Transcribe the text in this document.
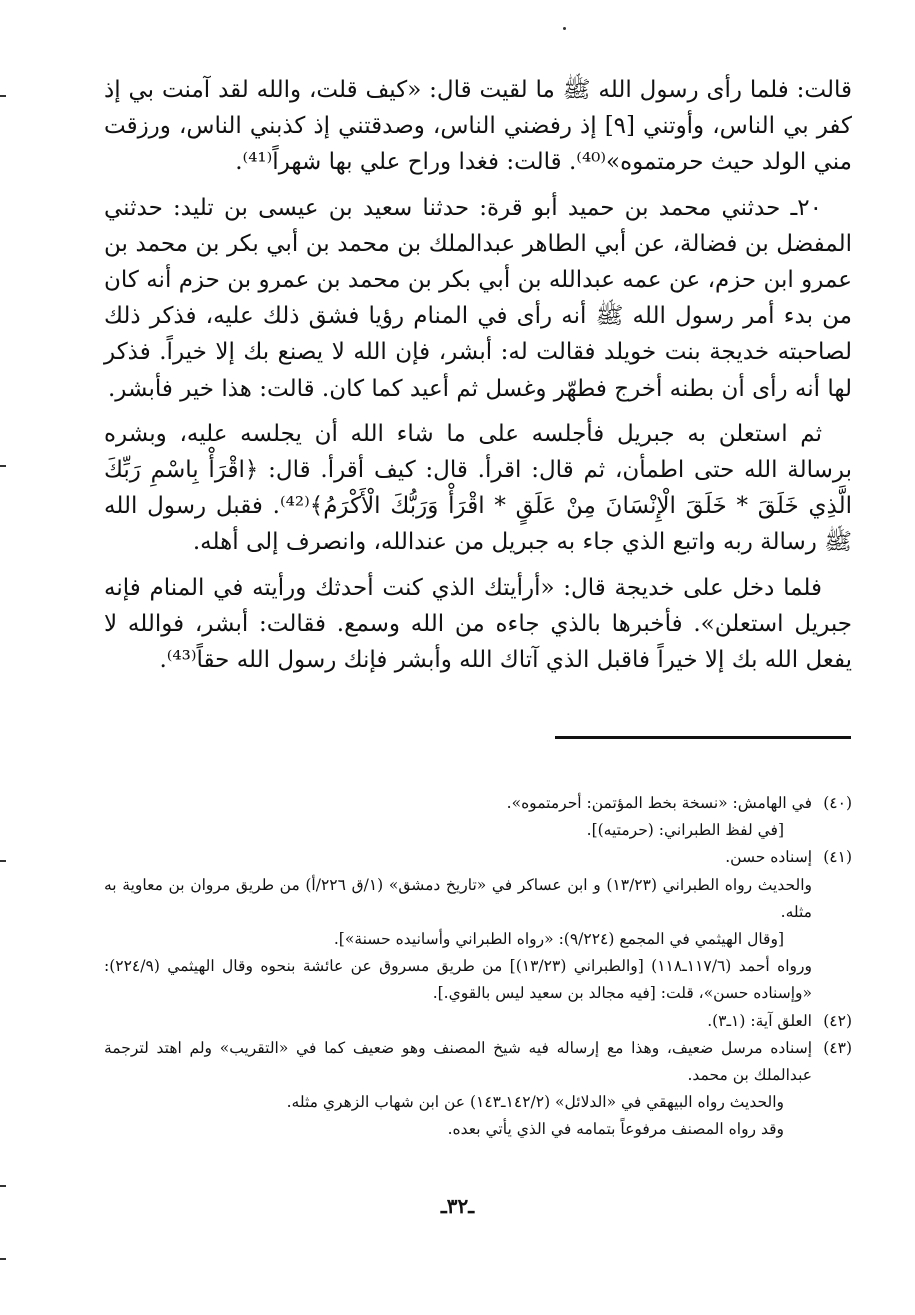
قالت: فلما رأى رسول الله ﷺ ما لقيت قال: «كيف قلت، والله لقد آمنت بي إذ كفر بي الناس، وأوتني [٩] إذ رفضني الناس، وصدقتني إذ كذبني الناس، ورزقت مني الولد حيث حرمتموه»⁽⁴⁰⁾. قالت: فغدا وراح علي بها شهراً⁽⁴¹⁾.

٢٠ـ حدثني محمد بن حميد أبو قرة: حدثنا سعيد بن عيسى بن تليد: حدثني المفضل بن فضالة، عن أبي الطاهر عبدالملك بن محمد بن أبي بكر بن محمد بن عمرو ابن حزم، عن عمه عبدالله بن أبي بكر بن محمد بن عمرو بن حزم أنه كان من بدء أمر رسول الله ﷺ أنه رأى في المنام رؤيا فشق ذلك عليه، فذكر ذلك لصاحبته خديجة بنت خويلد فقالت له: أبشر، فإن الله لا يصنع بك إلا خيراً. فذكر لها أنه رأى أن بطنه أخرج فطهّر وغسل ثم أعيد كما كان. قالت: هذا خير فأبشر.

ثم استعلن به جبريل فأجلسه على ما شاء الله أن يجلسه عليه، وبشره برسالة الله حتى اطمأن، ثم قال: اقرأ. قال: كيف أقرأ. قال: ﴿اقْرَأْ بِاسْمِ رَبِّكَ الَّذِي خَلَقَ * خَلَقَ الْإِنْسَانَ مِنْ عَلَقٍ * اقْرَأْ وَرَبُّكَ الْأَكْرَمُ﴾⁽⁴²⁾. فقبل رسول الله ﷺ رسالة ربه واتبع الذي جاء به جبريل من عندالله، وانصرف إلى أهله.

فلما دخل على خديجة قال: «أرأيتك الذي كنت أحدثك ورأيته في المنام فإنه جبريل استعلن». فأخبرها بالذي جاءه من الله وسمع. فقالت: أبشر، فوالله لا يفعل الله بك إلا خيراً فاقبل الذي آتاك الله وأبشر فإنك رسول الله حقاً⁽⁴³⁾.

(٤٠)

في الهامش: «نسخة بخط المؤتمن: أحرمتموه».

[في لفظ الطبراني: (حرمتيه)].

(٤١)

إسناده حسن.

والحديث رواه الطبراني (١٣/٢٣) و ابن عساكر في «تاريخ دمشق» (١/ق ٢٢٦/أ) من طريق مروان بن معاوية به مثله.

[وقال الهيثمي في المجمع (٩/٢٢٤): «رواه الطبراني وأسانيده حسنة»].

ورواه أحمد (١١٧/٦ـ١١٨) [والطبراني (١٣/٢٣)] من طريق مسروق عن عائشة بنحوه وقال الهيثمي (٢٢٤/٩): «وإسناده حسن»، قلت: [فيه مجالد بن سعيد ليس بالقوي.].

(٤٢)

العلق آية: (١ـ٣).

(٤٣)

إسناده مرسل ضعيف، وهذا مع إرساله فيه شيخ المصنف وهو ضعيف كما في «التقريب» ولم اهتد لترجمة عبدالملك بن محمد.

والحديث رواه البيهقي في «الدلائل» (١٤٢/٢ـ١٤٣) عن ابن شهاب الزهري مثله.

وقد رواه المصنف مرفوعاً بتمامه في الذي يأتي بعده.

ـ٣٢ـ
